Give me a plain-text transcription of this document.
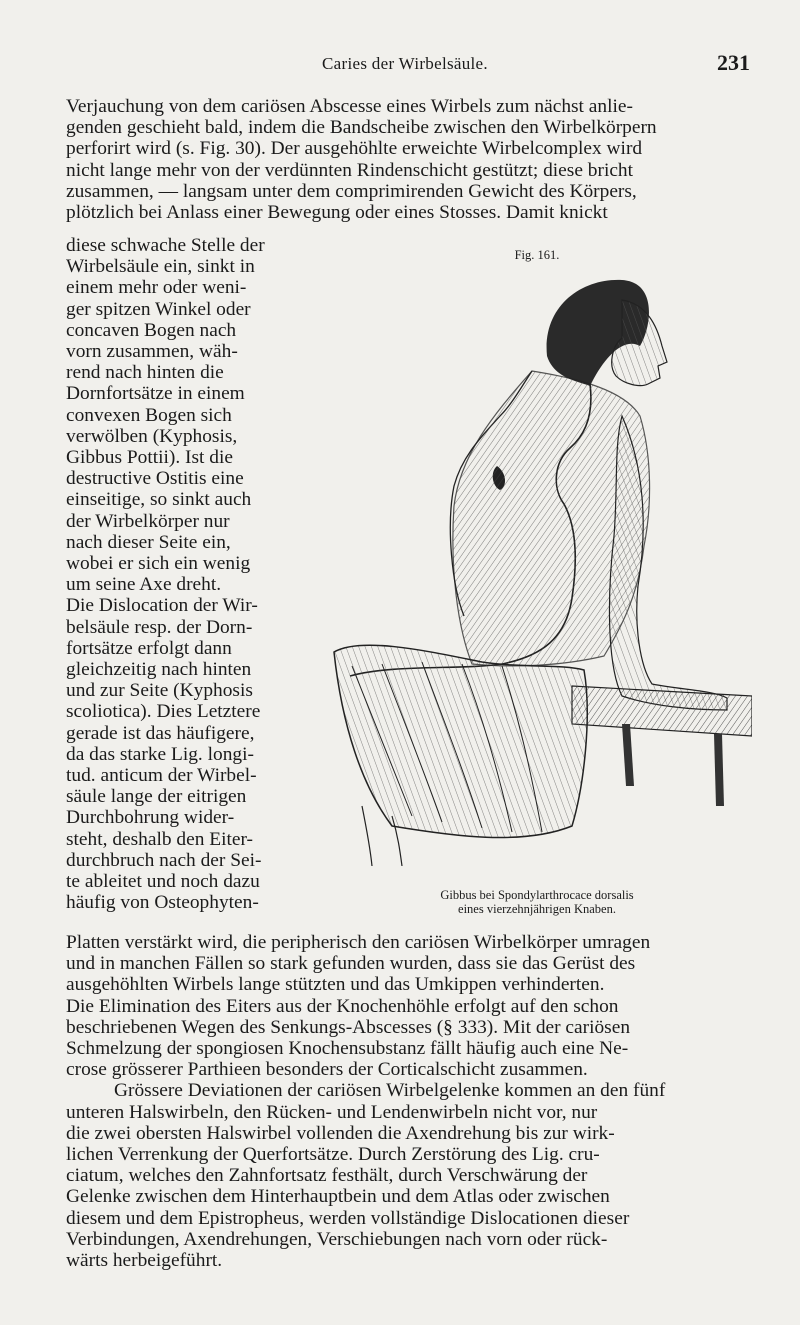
Caries der Wirbelsäule.	231
Verjauchung von dem cariösen Abscesse eines Wirbels zum nächst anlie-
genden geschieht bald, indem die Bandscheibe zwischen den Wirbelkörpern
perforirt wird (s. Fig. 30). Der ausgehöhlte erweichte Wirbelcomplex wird
nicht lange mehr von der verdünnten Rindenschicht gestützt; diese bricht
zusammen, — langsam unter dem comprimirenden Gewicht des Körpers,
plötzlich bei Anlass einer Bewegung oder eines Stosses. Damit knickt
diese schwache Stelle der
Wirbelsäule ein, sinkt in
einem mehr oder weni-
ger spitzen Winkel oder
concaven Bogen nach
vorn zusammen, wäh-
rend nach hinten die
Dornfortsätze in einem
convexen Bogen sich
verwölben (Kyphosis,
Gibbus Pottii). Ist die
destructive Ostitis eine
einseitige, so sinkt auch
der Wirbelkörper nur
nach dieser Seite ein,
wobei er sich ein wenig
um seine Axe dreht.
Die Dislocation der Wir-
belsäule resp. der Dorn-
fortsätze erfolgt dann
gleichzeitig nach hinten
und zur Seite (Kyphosis
scoliotica). Dies Letztere
gerade ist das häufigere,
da das starke Lig. longi-
tud. anticum der Wirbel-
säule lange der eitrigen
Durchbohrung wider-
steht, deshalb den Eiter-
durchbruch nach der Sei-
te ableitet und noch dazu
häufig von Osteophyten-
Fig. 161.
Gibbus bei Spondylarthrocace dorsalis
eines vierzehnjährigen Knaben.
Platten verstärkt wird, die peripherisch den cariösen Wirbelkörper umragen
und in manchen Fällen so stark gefunden wurden, dass sie das Gerüst des
ausgehöhlten Wirbels lange stützten und das Umkippen verhinderten.
Die Elimination des Eiters aus der Knochenhöhle erfolgt auf den schon
beschriebenen Wegen des Senkungs-Abscesses (§ 333). Mit der cariösen
Schmelzung der spongiosen Knochensubstanz fällt häufig auch eine Ne-
crose grösserer Parthieen besonders der Corticalschicht zusammen.
Grössere Deviationen der cariösen Wirbelgelenke kommen an den fünf
unteren Halswirbeln, den Rücken- und Lendenwirbeln nicht vor, nur
die zwei obersten Halswirbel vollenden die Axendrehung bis zur wirk-
lichen Verrenkung der Querfortsätze. Durch Zerstörung des Lig. cru-
ciatum, welches den Zahnfortsatz festhält, durch Verschwärung der
Gelenke zwischen dem Hinterhauptbein und dem Atlas oder zwischen
diesem und dem Epistropheus, werden vollständige Dislocationen dieser
Verbindungen, Axendrehungen, Verschiebungen nach vorn oder rück-
wärts herbeigeführt.
